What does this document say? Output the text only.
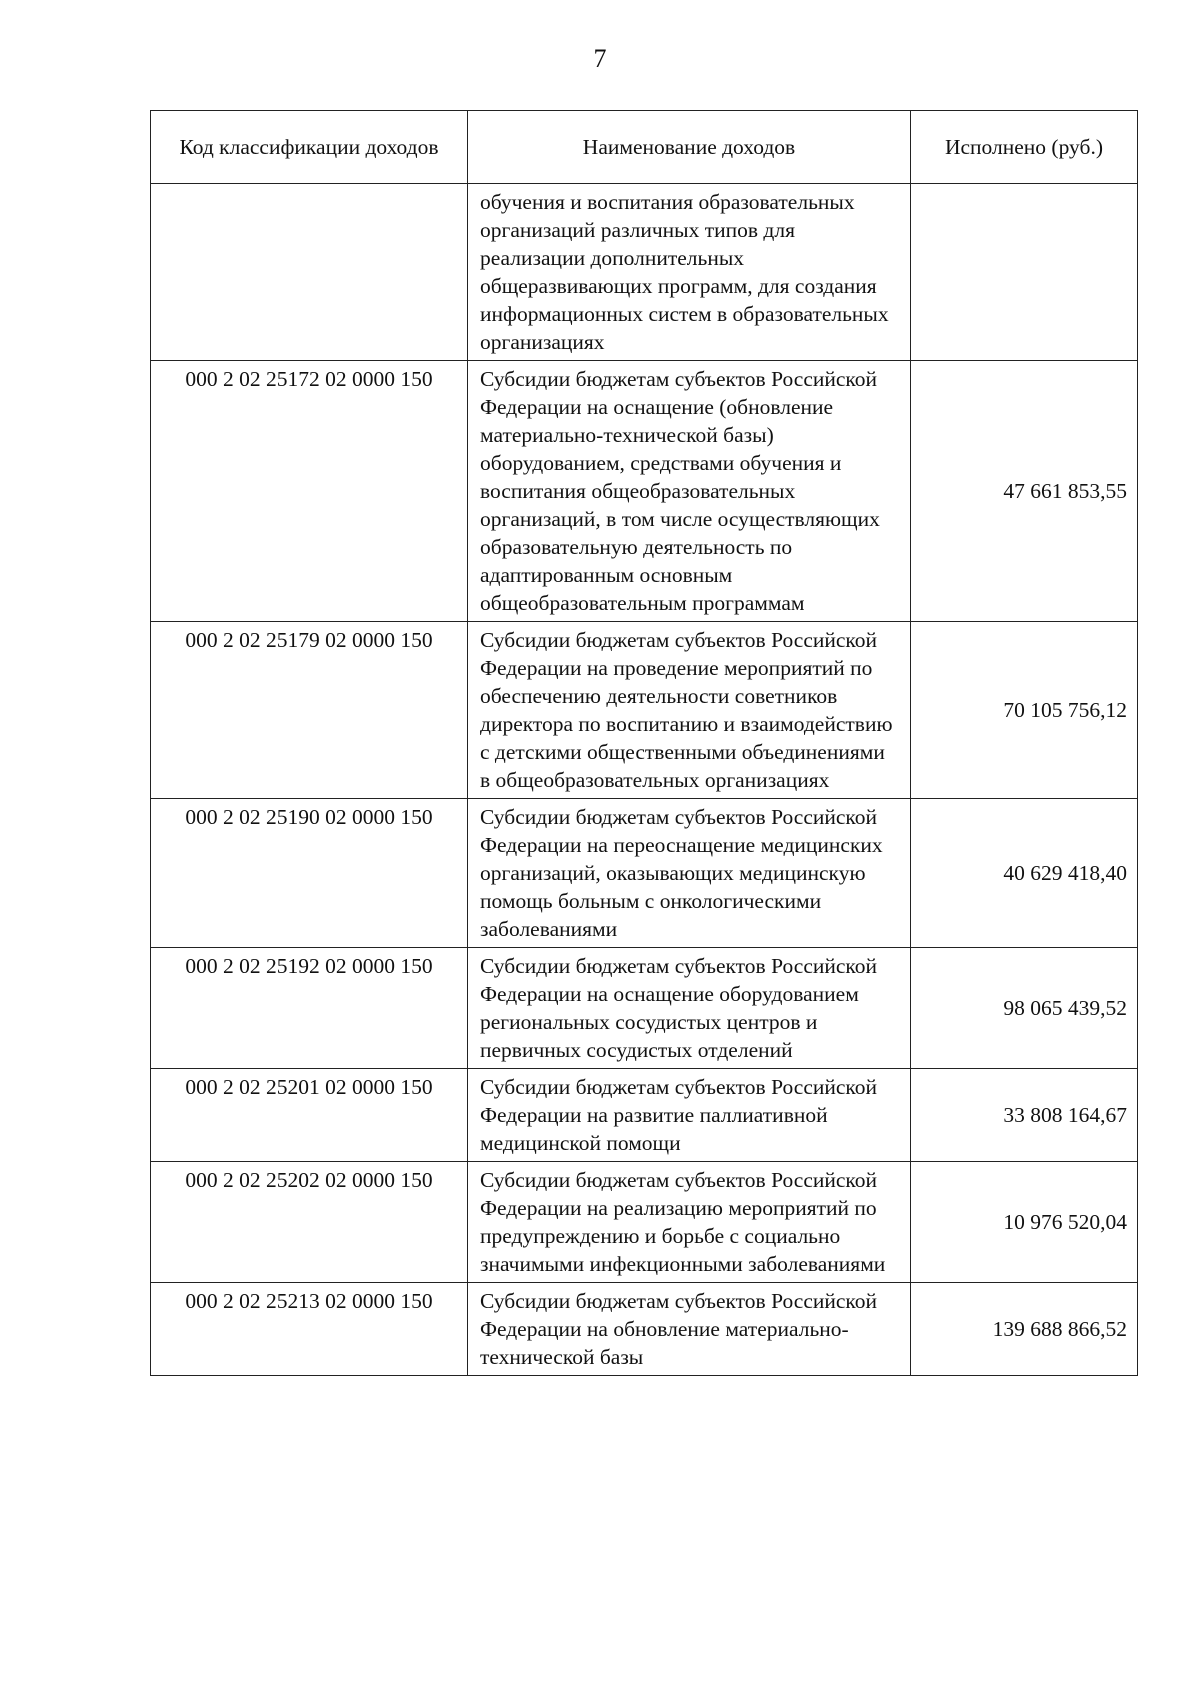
7
Код классификации доходов	Наименование доходов	Исполнено (руб.)
	обучения и воспитания образовательных организаций различных типов для реализации дополнительных общеразвивающих программ, для создания информационных систем в образовательных организациях	
000 2 02 25172 02 0000 150	Субсидии бюджетам субъектов Российской Федерации на оснащение (обновление материально-технической базы) оборудованием, средствами обучения и воспитания общеобразовательных организаций, в том числе осуществляющих образовательную деятельность по адаптированным основным общеобразовательным программам	47 661 853,55
000 2 02 25179 02 0000 150	Субсидии бюджетам субъектов Российской Федерации на проведение мероприятий по обеспечению деятельности советников директора по воспитанию и взаимодействию с детскими общественными объединениями в общеобразовательных организациях	70 105 756,12
000 2 02 25190 02 0000 150	Субсидии бюджетам субъектов Российской Федерации на переоснащение медицинских организаций, оказывающих медицинскую помощь больным с онкологическими заболеваниями	40 629 418,40
000 2 02 25192 02 0000 150	Субсидии бюджетам субъектов Российской Федерации на оснащение оборудованием региональных сосудистых центров и первичных сосудистых отделений	98 065 439,52
000 2 02 25201 02 0000 150	Субсидии бюджетам субъектов Российской Федерации на развитие паллиативной медицинской помощи	33 808 164,67
000 2 02 25202 02 0000 150	Субсидии бюджетам субъектов Российской Федерации на реализацию мероприятий по предупреждению и борьбе с социально значимыми инфекционными заболеваниями	10 976 520,04
000 2 02 25213 02 0000 150	Субсидии бюджетам субъектов Российской Федерации на обновление материально-технической базы	139 688 866,52
